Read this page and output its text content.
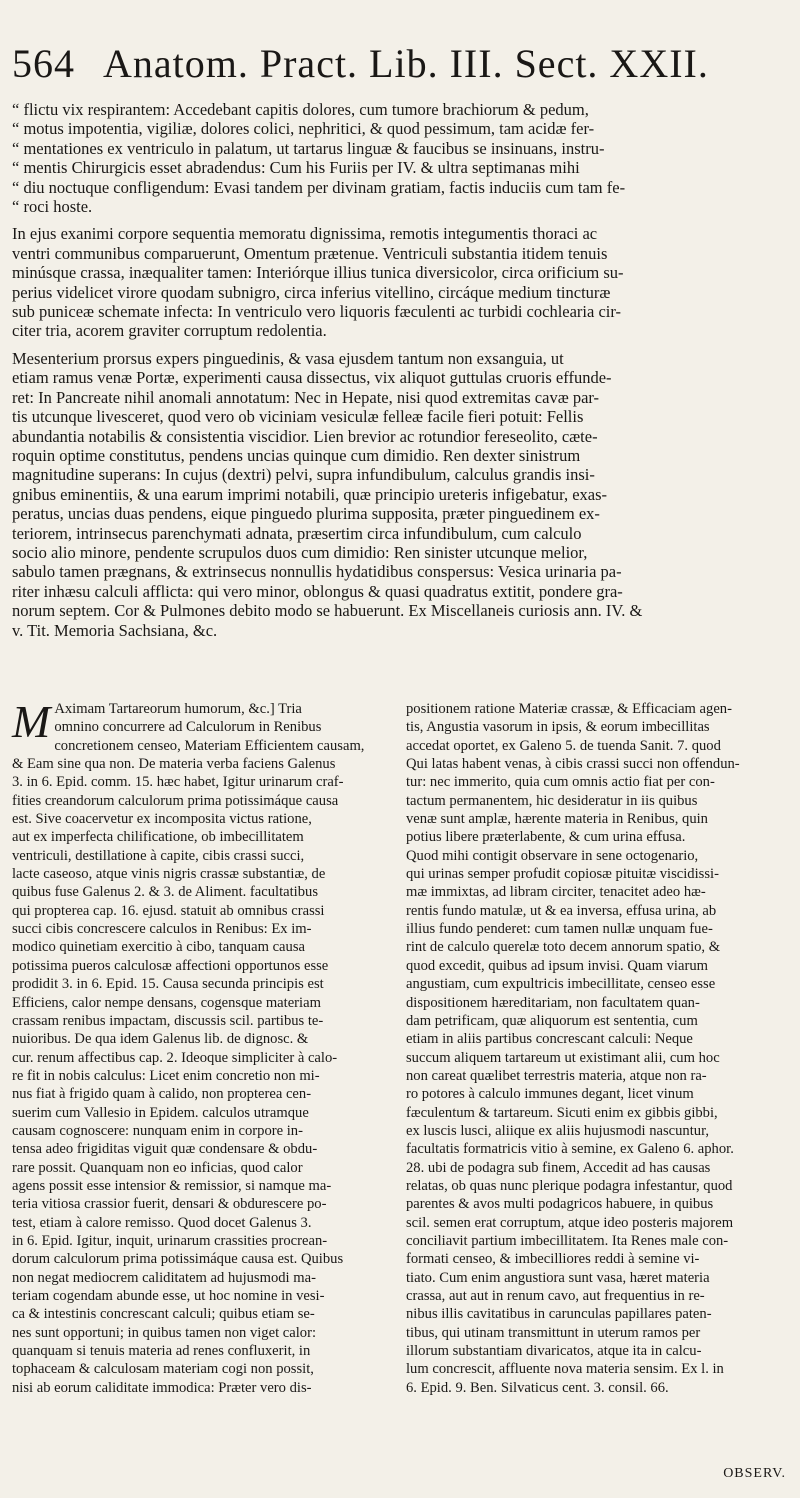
564 Anatom. Pract. Lib. III. Sect. XXII.
“ flictu vix respirantem: Accedebant capitis dolores, cum tumore brachiorum & pedum,
“ motus impotentia, vigiliæ, dolores colici, nephritici, & quod pessimum, tam acidæ fer-
“ mentationes ex ventriculo in palatum, ut tartarus linguæ & faucibus se insinuans, instru-
“ mentis Chirurgicis esset abradendus: Cum his Furiis per IV. & ultra septimanas mihi
“ diu noctuque confligendum: Evasi tandem per divinam gratiam, factis induciis cum tam fe-
“ roci hoste.
In ejus exanimi corpore sequentia memoratu dignissima, remotis integumentis thoraci ac
ventri communibus comparuerunt, Omentum prætenue. Ventriculi substantia itidem tenuis
minúsque crassa, inæqualiter tamen: Interiórque illius tunica diversicolor, circa orificium su-
perius videlicet virore quodam subnigro, circa inferius vitellino, circáque medium tincturæ
sub puniceæ schemate infecta: In ventriculo vero liquoris fæculenti ac turbidi cochlearia cir-
citer tria, acorem graviter corruptum redolentia.
Mesenterium prorsus expers pinguedinis, & vasa ejusdem tantum non exsanguia, ut
etiam ramus venæ Portæ, experimenti causa dissectus, vix aliquot guttulas cruoris effunde-
ret: In Pancreate nihil anomali annotatum: Nec in Hepate, nisi quod extremitas cavæ par-
tis utcunque livesceret, quod vero ob viciniam vesiculæ felleæ facile fieri potuit: Fellis
abundantia notabilis & consistentia viscidior. Lien brevior ac rotundior fereseolito, cæte-
roquin optime constitutus, pendens uncias quinque cum dimidio. Ren dexter sinistrum
magnitudine superans: In cujus (dextri) pelvi, supra infundibulum, calculus grandis insi-
gnibus eminentiis, & una earum imprimi notabili, quæ principio ureteris infigebatur, exas-
peratus, uncias duas pendens, eique pinguedo plurima supposita, præter pinguedinem ex-
teriorem, intrinsecus parenchymati adnata, præsertim circa infundibulum, cum calculo
socio alio minore, pendente scrupulos duos cum dimidio: Ren sinister utcunque melior,
sabulo tamen prægnans, & extrinsecus nonnullis hydatidibus conspersus: Vesica urinaria pa-
riter inhæsu calculi afflicta: qui vero minor, oblongus & quasi quadratus extitit, pondere gra-
norum septem. Cor & Pulmones debito modo se habuerunt. Ex Miscellaneis curiosis ann. IV. &
v. Tit. Memoria Sachsiana, &c.
M Aximam Tartareorum humorum, &c.] Tria
omnino concurrere ad Calculorum in Renibus
concretionem censeo, Materiam Efficientem causam,
& Eam sine qua non. De materia verba faciens Galenus
3. in 6. Epid. comm. 15. hæc habet, Igitur urinarum craf-
fities creandorum calculorum prima potissimáque causa
est. Sive coacervetur ex incomposita victus ratione,
aut ex imperfecta chilificatione, ob imbecillitatem
ventriculi, destillatione à capite, cibis crassi succi,
lacte caseoso, atque vinis nigris crassæ substantiæ, de
quibus fuse Galenus 2. & 3. de Aliment. facultatibus
qui propterea cap. 16. ejusd. statuit ab omnibus crassi
succi cibis concrescere calculos in Renibus: Ex im-
modico quinetiam exercitio à cibo, tanquam causa
potissima pueros calculosæ affectioni opportunos esse
prodidit 3. in 6. Epid. 15. Causa secunda principis est
Efficiens, calor nempe densans, cogensque materiam
crassam renibus impactam, discussis scil. partibus te-
nuioribus. De qua idem Galenus lib. de dignosc. &
cur. renum affectibus cap. 2. Ideoque simpliciter à calo-
re fit in nobis calculus: Licet enim concretio non mi-
nus fiat à frigido quam à calido, non propterea cen-
suerim cum Vallesio in Epidem. calculos utramque
causam cognoscere: nunquam enim in corpore in-
tensa adeo frigiditas viguit quæ condensare & obdu-
rare possit. Quanquam non eo inficias, quod calor
agens possit esse intensior & remissior, si namque ma-
teria vitiosa crassior fuerit, densari & obdurescere po-
test, etiam à calore remisso. Quod docet Galenus 3.
in 6. Epid. Igitur, inquit, urinarum crassities procrean-
dorum calculorum prima potissimáque causa est. Quibus
non negat mediocrem caliditatem ad hujusmodi ma-
teriam cogendam abunde esse, ut hoc nomine in vesi-
ca & intestinis concrescant calculi; quibus etiam se-
nes sunt opportuni; in quibus tamen non viget calor:
quanquam si tenuis materia ad renes confluxerit, in
tophaceam & calculosam materiam cogi non possit,
nisi ab eorum caliditate immodica: Præter vero dis-
positionem ratione Materiæ crassæ, & Efficaciam agen-
tis, Angustia vasorum in ipsis, & eorum imbecillitas
accedat oportet, ex Galeno 5. de tuenda Sanit. 7. quod
Qui latas habent venas, à cibis crassi succi non offendun-
tur: nec immerito, quia cum omnis actio fiat per con-
tactum permanentem, hic desideratur in iis quibus
venæ sunt amplæ, hærente materia in Renibus, quin
potius libere præterlabente, & cum urina effusa.
Quod mihi contigit observare in sene octogenario,
qui urinas semper profudit copiosæ pituitæ viscidissi-
mæ immixtas, ad libram circiter, tenacitet adeo hæ-
rentis fundo matulæ, ut & ea inversa, effusa urina, ab
illius fundo penderet: cum tamen nullæ unquam fue-
rint de calculo querelæ toto decem annorum spatio, &
quod excedit, quibus ad ipsum invisi. Quam viarum
angustiam, cum expultricis imbecillitate, censeo esse
dispositionem hæreditariam, non facultatem quan-
dam petrificam, quæ aliquorum est sententia, cum
etiam in aliis partibus concrescant calculi: Neque
succum aliquem tartareum ut existimant alii, cum hoc
non careat quælibet terrestris materia, atque non ra-
ro potores à calculo immunes degant, licet vinum
fæculentum & tartareum. Sicuti enim ex gibbis gibbi,
ex luscis lusci, aliique ex aliis hujusmodi nascuntur,
facultatis formatricis vitio à semine, ex Galeno 6. aphor.
28. ubi de podagra sub finem, Accedit ad has causas
relatas, ob quas nunc plerique podagra infestantur, quod
parentes & avos multi podagricos habuere, in quibus
scil. semen erat corruptum, atque ideo posteris majorem
conciliavit partium imbecillitatem. Ita Renes male con-
formati censeo, & imbecilliores reddi à semine vi-
tiato. Cum enim angustiora sunt vasa, hæret materia
crassa, aut aut in renum cavo, aut frequentius in re-
nibus illis cavitatibus in carunculas papillares paten-
tibus, qui utinam transmittunt in uterum ramos per
illorum substantiam divaricatos, atque ita in calcu-
lum concrescit, affluente nova materia sensim. Ex l. in
6. Epid. 9. Ben. Silvaticus cent. 3. consil. 66.
OBSERV.
